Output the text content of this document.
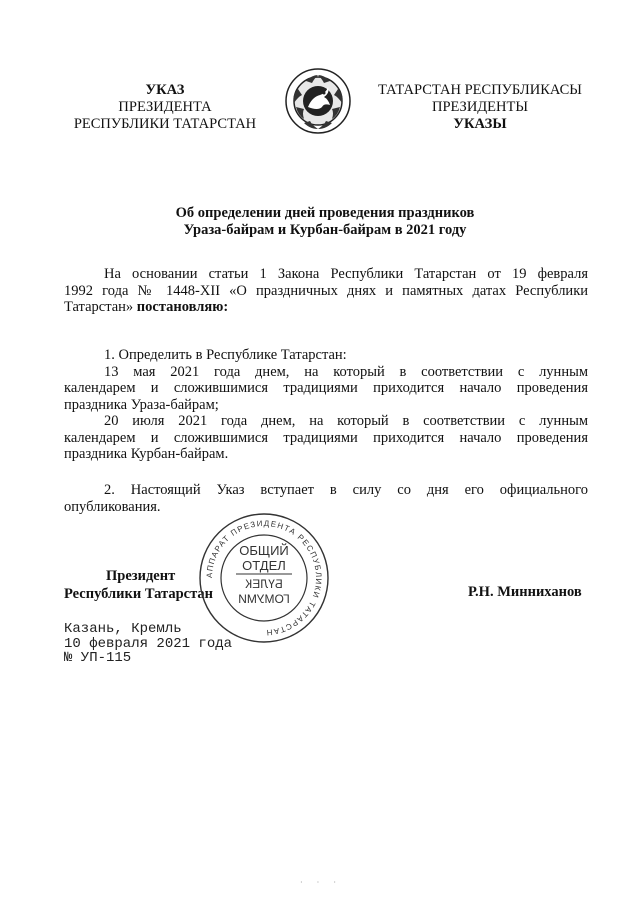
УКАЗ
ПРЕЗИДЕНТА
РЕСПУБЛИКИ ТАТАРСТАН
ТАТАРСТАН РЕСПУБЛИКАСЫ
ПРЕЗИДЕНТЫ
УКАЗЫ
Об определении дней проведения праздников
Ураза-байрам и Курбан-байрам в 2021 году
На основании статьи 1 Закона Республики Татарстан от 19 февраля
1992 года № 1448-XII «О праздничных днях и памятных датах Республики
Татарстан» постановляю:
1. Определить в Республике Татарстан:
13 мая 2021 года днем, на который в соответствии с лунным
календарем и сложившимися традициями приходится начало проведения
праздника Ураза-байрам;
20 июля 2021 года днем, на который в соответствии с лунным
календарем и сложившимися традициями приходится начало проведения
праздника Курбан-байрам.
2. Настоящий Указ вступает в силу со дня его официального
опубликования.
Президент
Республики Татарстан	Р.Н. Минниханов
АППАРАТ ПРЕЗИДЕНТА РЕСПУБЛИКИ ТАТАРСТАН
ОБЩИЙ
ОТДЕЛ
БҮЛЕК
ГОМУМИ
Казань, Кремль
10 февраля 2021 года
№ УП-115
· · ·
